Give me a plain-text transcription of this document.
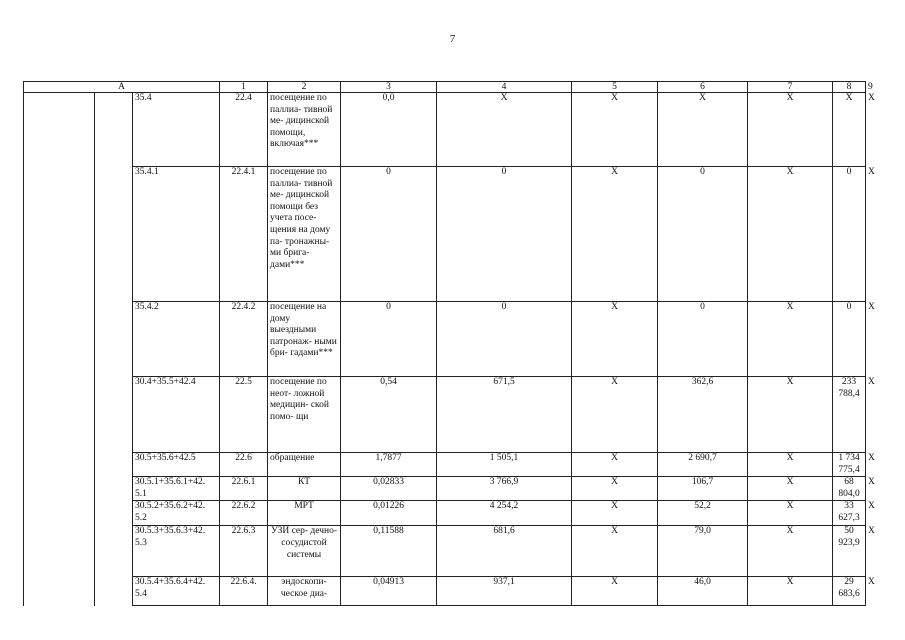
7
А			1	2	3	4	5	6	7	8	9
		35.4	22.4	посещение по паллиа- тивной ме- дицинской помощи, включая***	0,0	Х	Х	Х	Х	Х	Х
		35.4.1	22.4.1	посещение по паллиа- тивной ме- дицинской помощи без учета посе- щения на дому па- тронажны- ми брига- дами***	0	0	Х	0	Х	0	Х
		35.4.2	22.4.2	посещение на дому выездными патронаж- ными бри- гадами***	0	0	Х	0	Х	0	Х
		30.4+35.5+42.4	22.5	посещение по неот- ложной медицин- ской помо- щи	0,54	671,5	Х	362,6	Х	233 788,4	Х
		30.5+35.6+42.5	22.6	обращение	1,7877	1 505,1	Х	2 690,7	Х	1 734 775,4	Х
		30.5.1+35.6.1+42. 5.1	22.6.1	КТ	0,02833	3 766,9	Х	106,7	Х	68 804,0	Х
		30.5.2+35.6.2+42. 5.2	22.6.2	МРТ	0,01226	4 254,2	Х	52,2	Х	33 627,3	Х
		30.5.3+35.6.3+42. 5.3	22.6.3	УЗИ сер- дечно- сосудистой системы	0,11588	681,6	Х	79,0	Х	50 923,9	Х
		30.5.4+35.6.4+42. 5.4	22.6.4.	эндоскопи- ческое диа-	0,04913	937,1	Х	46,0	Х	29 683,6	Х
